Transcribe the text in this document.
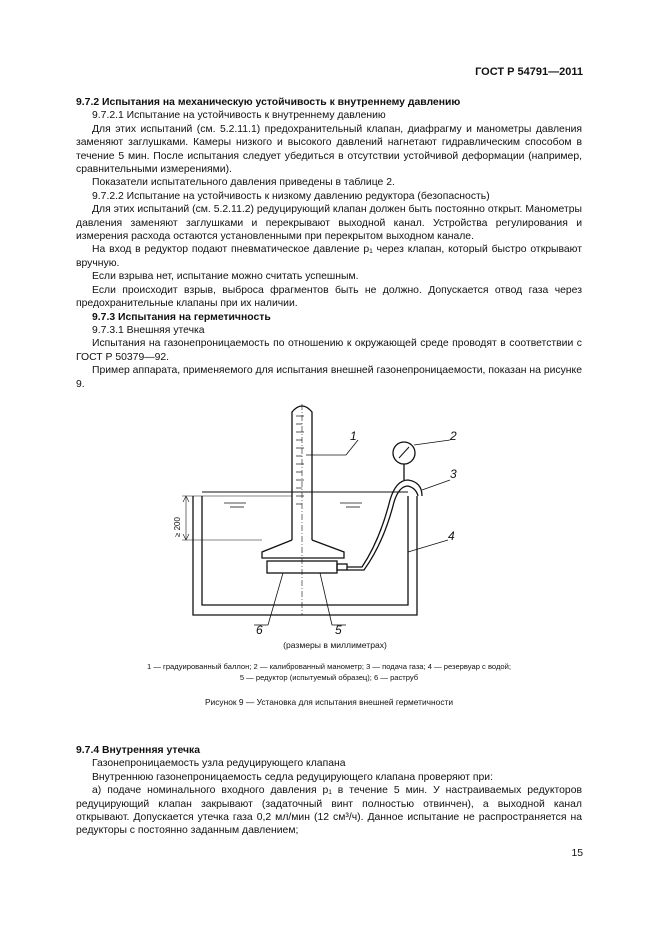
ГОСТ Р 54791—2011

9.7.2 Испытания на механическую устойчивость к внутреннему давлению

9.7.2.1 Испытание на устойчивость к внутреннему давлению

Для этих испытаний (см. 5.2.11.1) предохранительный клапан, диафрагму и манометры давления заменяют заглушками. Камеры низкого и высокого давлений нагнетают гидравлическим способом в течение 5 мин. После испытания следует убедиться в отсутствии устойчивой деформации (например, сравнительными измерениями).

Показатели испытательного давления приведены в таблице 2.

9.7.2.2 Испытание на устойчивость к низкому давлению редуктора (безопасность)

Для этих испытаний (см. 5.2.11.2) редуцирующий клапан должен быть постоянно открыт. Манометры давления заменяют заглушками и перекрывают выходной канал. Устройства регулирования и измерения расхода остаются установленными при перекрытом выходном канале.

На вход в редуктор подают пневматическое давление p₁ через клапан, который быстро открывают вручную.

Если взрыва нет, испытание можно считать успешным.

Если происходит взрыв, выброса фрагментов быть не должно. Допускается отвод газа через предохранительные клапаны при их наличии.

9.7.3 Испытания на герметичность

9.7.3.1 Внешняя утечка

Испытания на газонепроницаемость по отношению к окружающей среде проводят в соответствии с ГОСТ Р 50379—92.

Пример аппарата, применяемого для испытания внешней газонепроницаемости, показан на рисунке 9.

1	2
3
4
5
6
≥ 200
(размеры в миллиметрах)
1 — градуированный баллон; 2 — калиброванный манометр; 3 — подача газа; 4 — резервуар с водой;
5 — редуктор (испытуемый образец); 6 — раструб
Рисунок 9 — Установка для испытания внешней герметичности

9.7.4 Внутренняя утечка

Газонепроницаемость узла редуцирующего клапана

Внутреннюю газонепроницаемость седла редуцирующего клапана проверяют при:

а) подаче номинального входного давления p₁ в течение 5 мин. У настраиваемых редукторов редуцирующий клапан закрывают (задаточный винт полностью отвинчен), а выходной канал открывают. Допускается утечка газа 0,2 мл/мин (12 см³/ч). Данное испытание не распространяется на редукторы с постоянно заданным давлением;

15
